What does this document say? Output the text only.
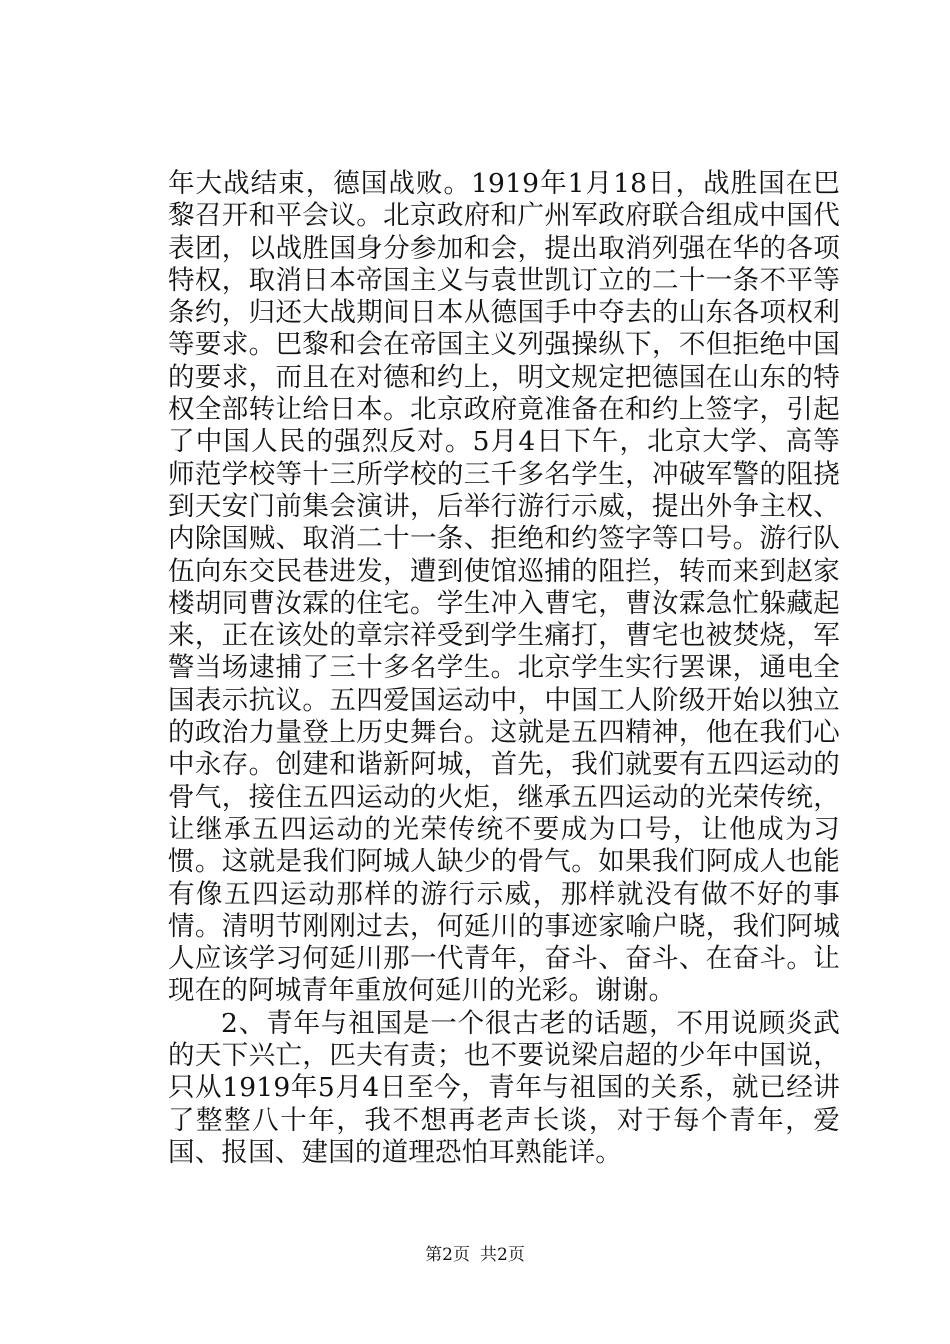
年大战结束，德国战败。1919年1月18日，战胜国在巴黎召开和平会议。北京政府和广州军政府联合组成中国代表团，以战胜国身分参加和会，提出取消列强在华的各项特权，取消日本帝国主义与袁世凯订立的二十一条不平等条约，归还大战期间日本从德国手中夺去的山东各项权利等要求。巴黎和会在帝国主义列强操纵下，不但拒绝中国的要求，而且在对德和约上，明文规定把德国在山东的特权全部转让给日本。北京政府竟准备在和约上签字，引起了中国人民的强烈反对。5月4日下午，北京大学、高等师范学校等十三所学校的三千多名学生，冲破军警的阻挠到天安门前集会演讲，后举行游行示威，提出外争主权、内除国贼、取消二十一条、拒绝和约签字等口号。游行队伍向东交民巷进发，遭到使馆巡捕的阻拦，转而来到赵家楼胡同曹汝霖的住宅。学生冲入曹宅，曹汝霖急忙躲藏起来，正在该处的章宗祥受到学生痛打，曹宅也被焚烧，军警当场逮捕了三十多名学生。北京学生实行罢课，通电全国表示抗议。五四爱国运动中，中国工人阶级开始以独立的政治力量登上历史舞台。这就是五四精神，他在我们心中永存。创建和谐新阿城，首先，我们就要有五四运动的骨气，接住五四运动的火炬，继承五四运动的光荣传统，让继承五四运动的光荣传统不要成为口号，让他成为习惯。这就是我们阿城人缺少的骨气。如果我们阿成人也能有像五四运动那样的游行示威，那样就没有做不好的事情。清明节刚刚过去，何延川的事迹家喻户晓，我们阿城人应该学习何延川那一代青年，奋斗、奋斗、在奋斗。让现在的阿城青年重放何延川的光彩。谢谢。

2、青年与祖国是一个很古老的话题，不用说顾炎武的天下兴亡，匹夫有责；也不要说梁启超的少年中国说，只从1919年5月4日至今，青年与祖国的关系，就已经讲了整整八十年，我不想再老声长谈，对于每个青年，爱国、报国、建国的道理恐怕耳熟能详。

第2页 共2页
